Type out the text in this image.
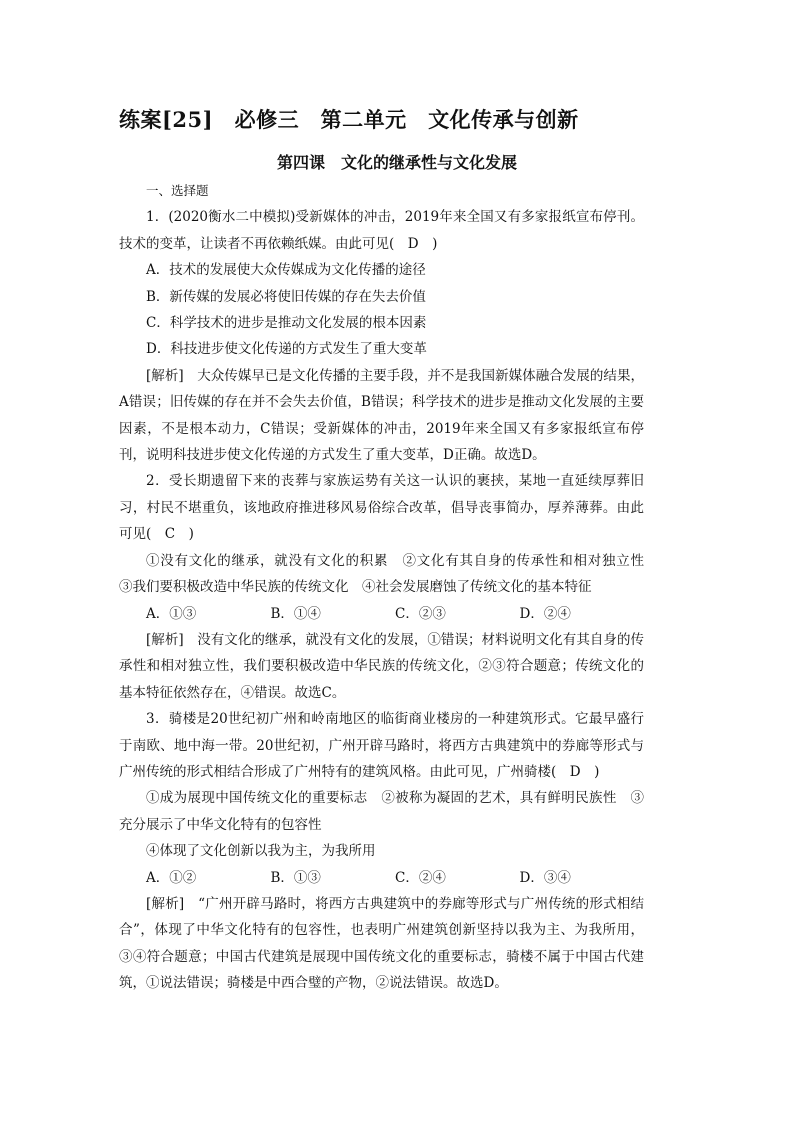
练案[25]　必修三　第二单元　文化传承与创新
第四课　文化的继承性与文化发展

一、选择题

1．(2020衡水二中模拟)受新媒体的冲击，2019年来全国又有多家报纸宣布停刊。技术的变革，让读者不再依赖纸媒。由此可见(　D　)

A．技术的发展使大众传媒成为文化传播的途径

B．新传媒的发展必将使旧传媒的存在失去价值

C．科学技术的进步是推动文化发展的根本因素

D．科技进步使文化传递的方式发生了重大变革

[解析]　大众传媒早已是文化传播的主要手段，并不是我国新媒体融合发展的结果，A错误；旧传媒的存在并不会失去价值，B错误；科学技术的进步是推动文化发展的主要因素，不是根本动力，C错误；受新媒体的冲击，2019年来全国又有多家报纸宣布停刊，说明科技进步使文化传递的方式发生了重大变革，D正确。故选D。

2．受长期遗留下来的丧葬与家族运势有关这一认识的裹挟，某地一直延续厚葬旧习，村民不堪重负，该地政府推进移风易俗综合改革，倡导丧事简办，厚养薄葬。由此可见(　C　)

①没有文化的继承，就没有文化的积累　②文化有其自身的传承性和相对独立性　③我们要积极改造中华民族的传统文化　④社会发展磨蚀了传统文化的基本特征

A．①③	B．①④	C．②③	D．②④

[解析]　没有文化的继承，就没有文化的发展，①错误；材料说明文化有其自身的传承性和相对独立性，我们要积极改造中华民族的传统文化，②③符合题意；传统文化的基本特征依然存在，④错误。故选C。

3．骑楼是20世纪初广州和岭南地区的临街商业楼房的一种建筑形式。它最早盛行于南欧、地中海一带。20世纪初，广州开辟马路时，将西方古典建筑中的券廊等形式与广州传统的形式相结合形成了广州特有的建筑风格。由此可见，广州骑楼(　D　)

①成为展现中国传统文化的重要标志　②被称为凝固的艺术，具有鲜明民族性　③充分展示了中华文化特有的包容性

④体现了文化创新以我为主，为我所用

A．①②	B．①③	C．②④	D．③④

[解析]　“广州开辟马路时，将西方古典建筑中的券廊等形式与广州传统的形式相结合”，体现了中华文化特有的包容性，也表明广州建筑创新坚持以我为主、为我所用，③④符合题意；中国古代建筑是展现中国传统文化的重要标志，骑楼不属于中国古代建筑，①说法错误；骑楼是中西合璧的产物，②说法错误。故选D。
